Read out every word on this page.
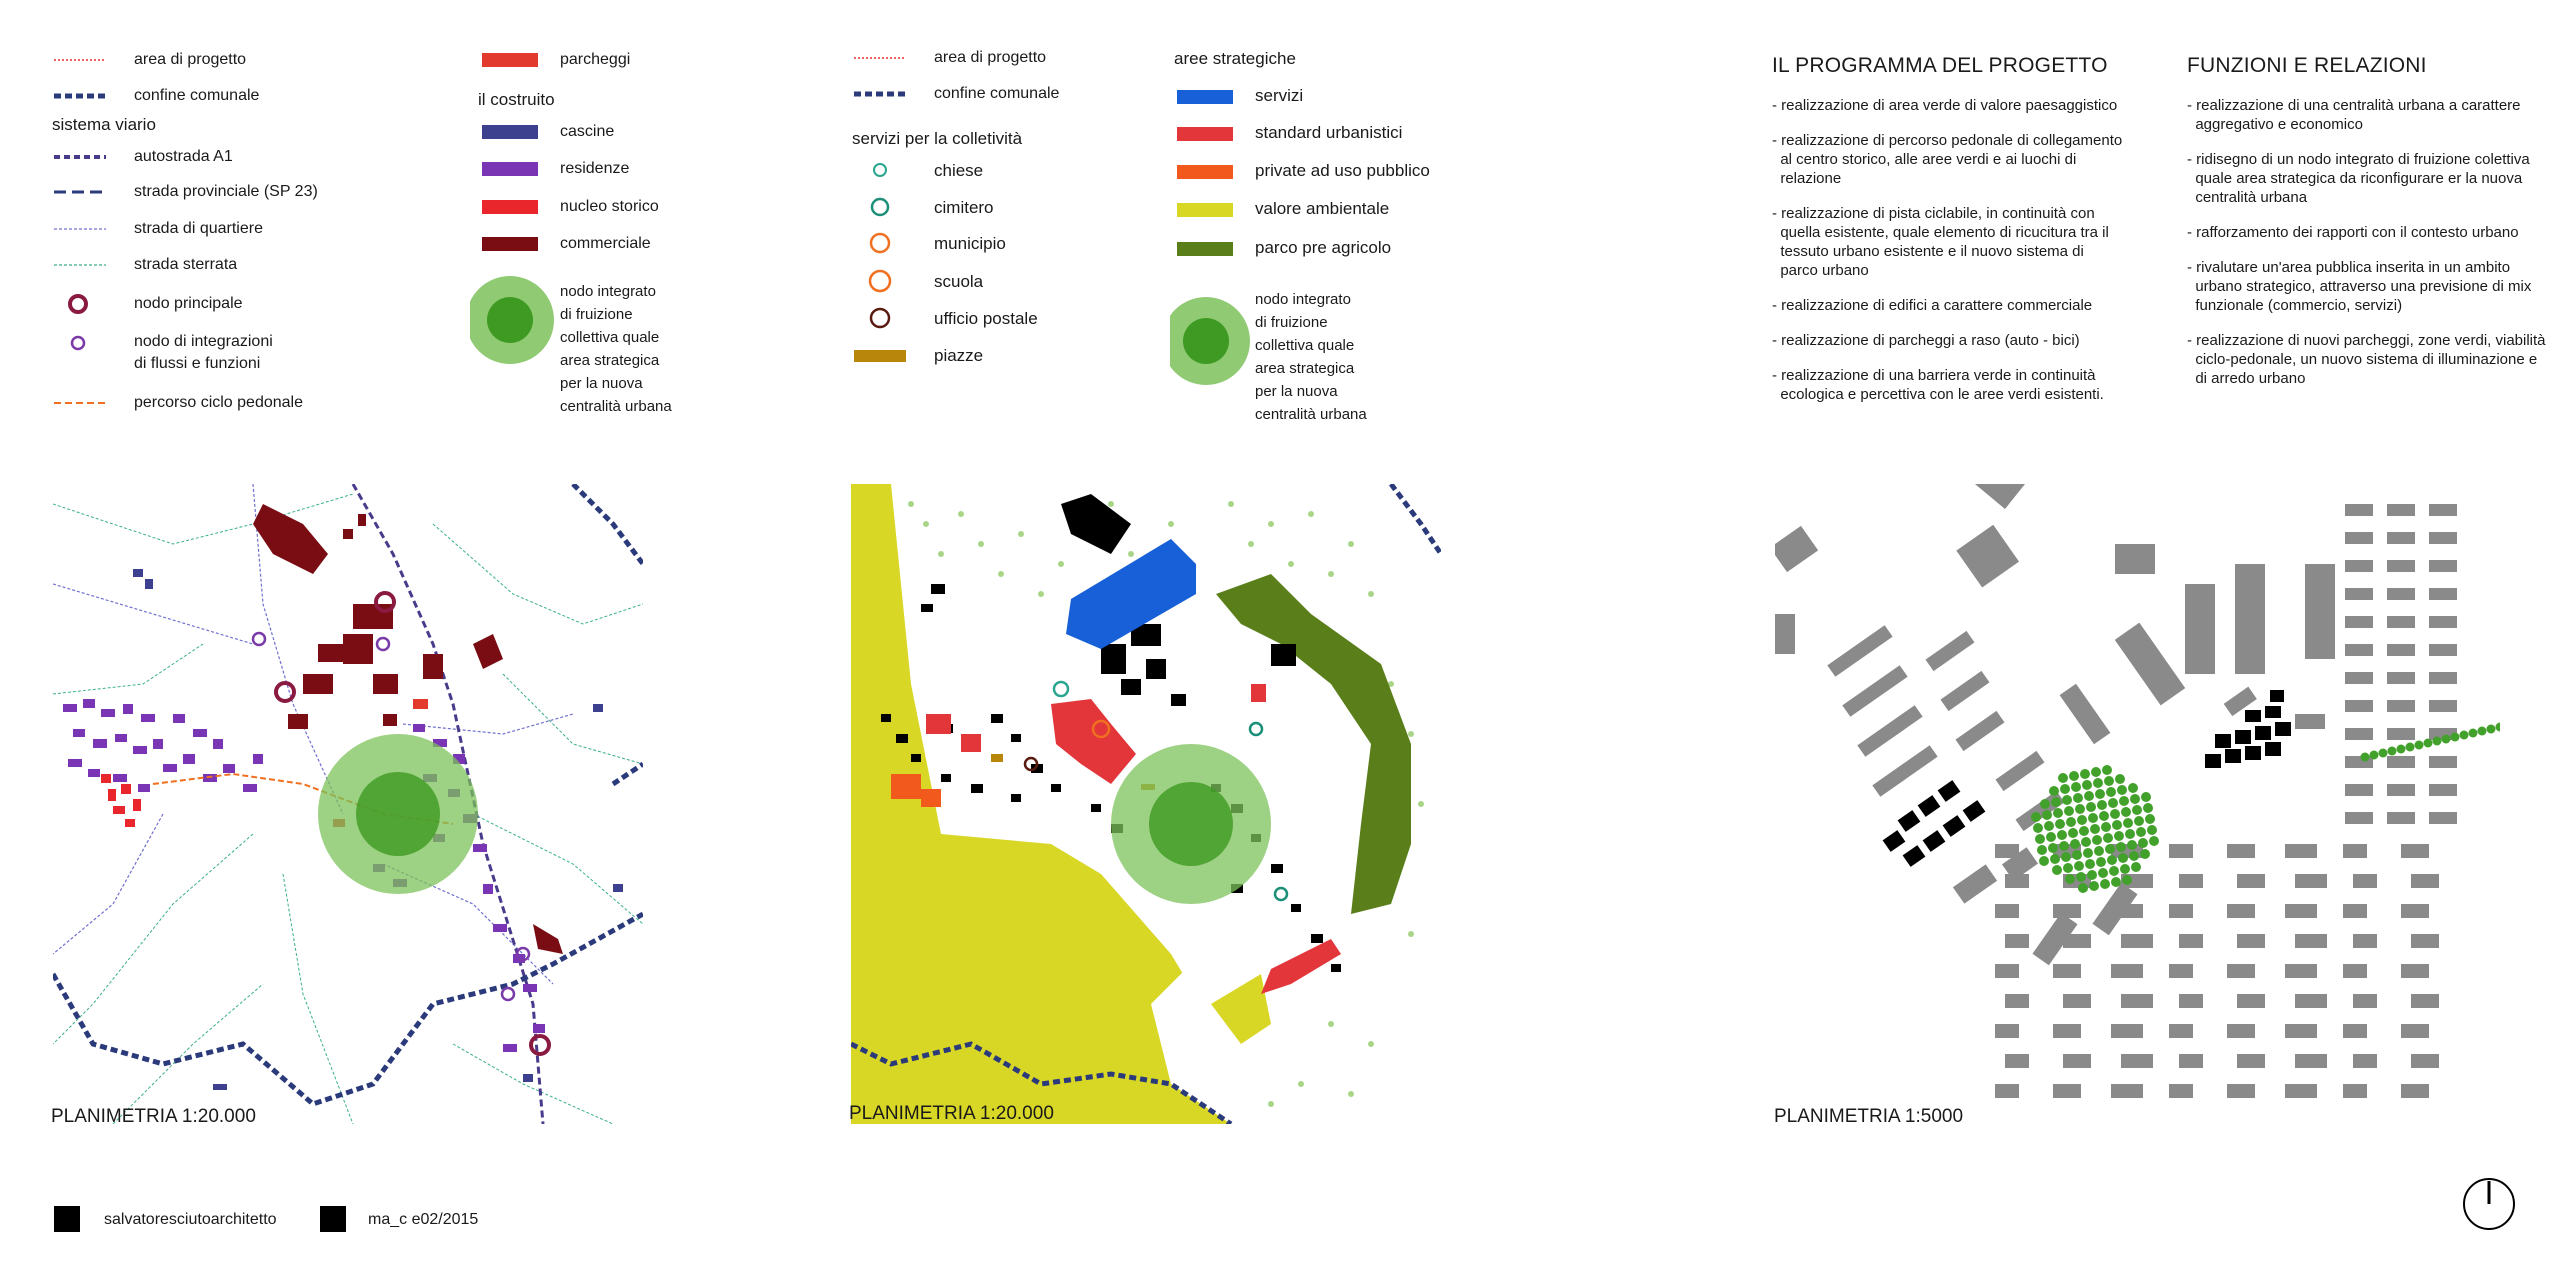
area di progetto
confine comunale
sistema viario
autostrada A1
strada provinciale (SP 23)
strada di quartiere
strada sterrata
nodo principale
nodo di integrazioni
di flussi e funzioni
percorso ciclo pedonale
parcheggi
il costruito
cascine
residenze
nucleo storico
commerciale
nodo integrato
di fruizione
collettiva quale
area strategica
per la nuova
centralità urbana
area di progetto
confine comunale
servizi per la colletività
chiese
cimitero
municipio
scuola
ufficio postale
piazze
aree strategiche
servizi
standard urbanistici
private ad uso pubblico
valore ambientale
parco pre agricolo
nodo integrato
di fruizione
collettiva quale
area strategica
per la nuova
centralità urbana
IL PROGRAMMA DEL PROGETTO
- realizzazione di area verde di valore paesaggistico
- realizzazione di percorso pedonale di collegamento
al centro storico, alle aree verdi e ai luochi di
relazione
- realizzazione di pista ciclabile, in continuità con
quella esistente, quale elemento di ricucitura tra il
tessuto urbano esistente e il nuovo sistema di
parco urbano
- realizzazione di edifici a carattere commerciale
- realizzazione di parcheggi a raso (auto - bici)
- realizzazione di una barriera verde in continuità
ecologica e percettiva con le aree verdi esistenti.
FUNZIONI E RELAZIONI
- realizzazione di una centralità urbana a carattere
aggregativo e economico
- ridisegno di un nodo integrato di fruizione colettiva
quale area strategica da riconfigurare er la nuova
centralità urbana
- rafforzamento dei rapporti con il contesto urbano
- rivalutare un'area pubblica inserita in un ambito
urbano strategico, attraverso una previsione di mix
funzionale (commercio, servizi)
- realizzazione di nuovi parcheggi, zone verdi, viabilità
ciclo-pedonale, un nuovo sistema di illuminazione e
di arredo urbano
PLANIMETRIA 1:20.000	PLANIMETRIA 1:20.000	PLANIMETRIA 1:5000
salvatoresciutoarchitetto	ma_c e02/2015
